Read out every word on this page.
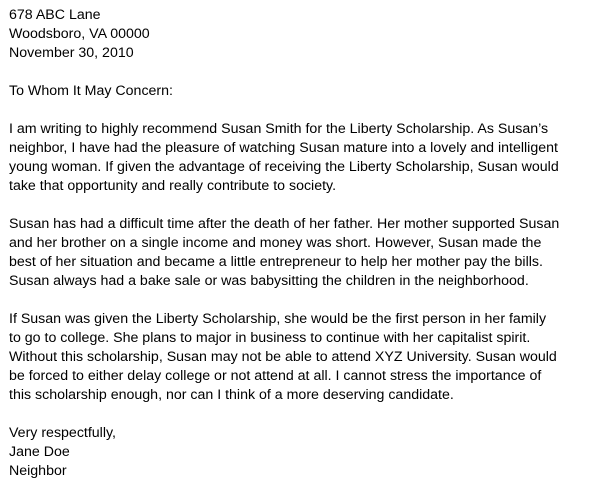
678 ABC Lane
Woodsboro, VA 00000
November 30, 2010
To Whom It May Concern:
I am writing to highly recommend Susan Smith for the Liberty Scholarship. As Susan’s
neighbor, I have had the pleasure of watching Susan mature into a lovely and intelligent
young woman. If given the advantage of receiving the Liberty Scholarship, Susan would
take that opportunity and really contribute to society.
Susan has had a difficult time after the death of her father. Her mother supported Susan
and her brother on a single income and money was short. However, Susan made the
best of her situation and became a little entrepreneur to help her mother pay the bills.
Susan always had a bake sale or was babysitting the children in the neighborhood.
If Susan was given the Liberty Scholarship, she would be the first person in her family
to go to college. She plans to major in business to continue with her capitalist spirit.
Without this scholarship, Susan may not be able to attend XYZ University. Susan would
be forced to either delay college or not attend at all. I cannot stress the importance of
this scholarship enough, nor can I think of a more deserving candidate.
Very respectfully,
Jane Doe
Neighbor
